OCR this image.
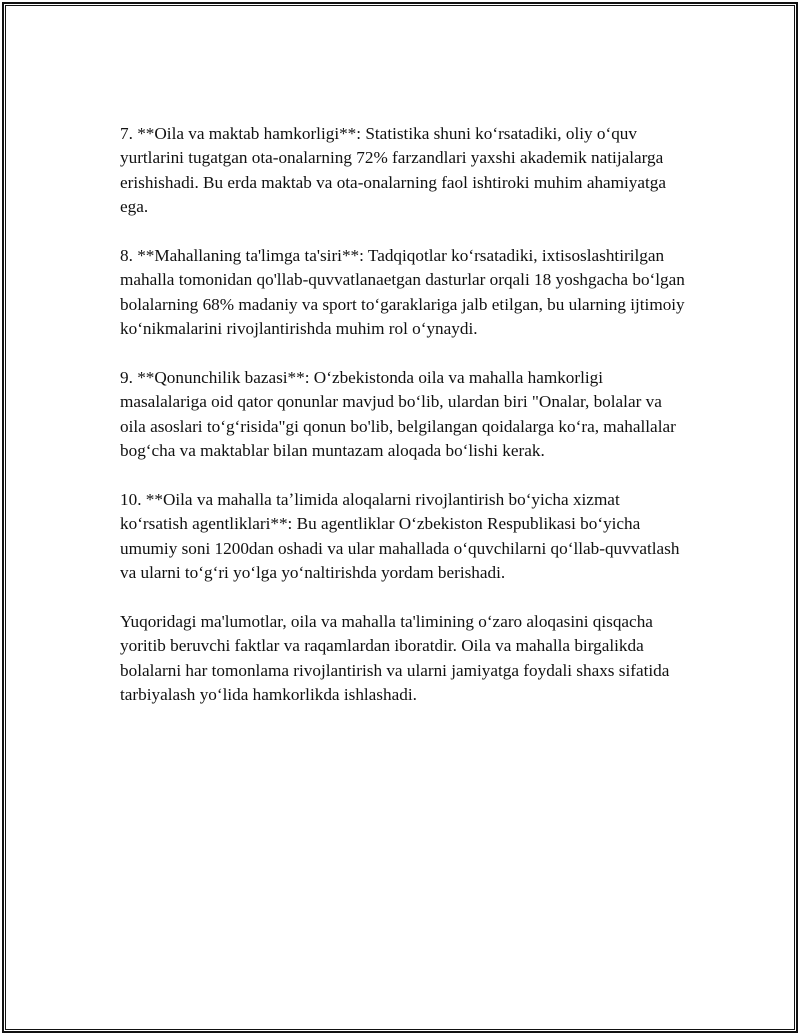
7. **Oila va maktab hamkorligi**: Statistika shuni koʻrsatadiki, oliy oʻquv yurtlarini tugatgan ota-onalarning 72% farzandlari yaxshi akademik natijalarga erishishadi. Bu erda maktab va ota-onalarning faol ishtiroki muhim ahamiyatga ega.

8. **Mahallaning ta'limga ta'siri**: Tadqiqotlar koʻrsatadiki, ixtisoslashtirilgan mahalla tomonidan qo'llab-quvvatlanaetgan dasturlar orqali 18 yoshgacha boʻlgan bolalarning 68% madaniy va sport toʻgaraklariga jalb etilgan, bu ularning ijtimoiy koʻnikmalarini rivojlantirishda muhim rol oʻynaydi.

9. **Qonunchilik bazasi**: Oʻzbekistonda oila va mahalla hamkorligi masalalariga oid qator qonunlar mavjud boʻlib, ulardan biri "Onalar, bolalar va oila asoslari toʻgʻrisida"gi qonun bo'lib, belgilangan qoidalarga koʻra, mahallalar bogʻcha va maktablar bilan muntazam aloqada boʻlishi kerak.

10. **Oila va mahalla taʼlimida aloqalarni rivojlantirish boʻyicha xizmat koʻrsatish agentliklari**: Bu agentliklar Oʻzbekiston Respublikasi boʻyicha umumiy soni 1200dan oshadi va ular mahallada oʻquvchilarni qoʻllab-quvvatlash va ularni toʻgʻri yoʻlga yoʻnaltirishda yordam berishadi.

Yuqoridagi ma'lumotlar, oila va mahalla ta'limining oʻzaro aloqasini qisqacha yoritib beruvchi faktlar va raqamlardan iboratdir. Oila va mahalla birgalikda bolalarni har tomonlama rivojlantirish va ularni jamiyatga foydali shaxs sifatida tarbiyalash yoʻlida hamkorlikda ishlashadi.
